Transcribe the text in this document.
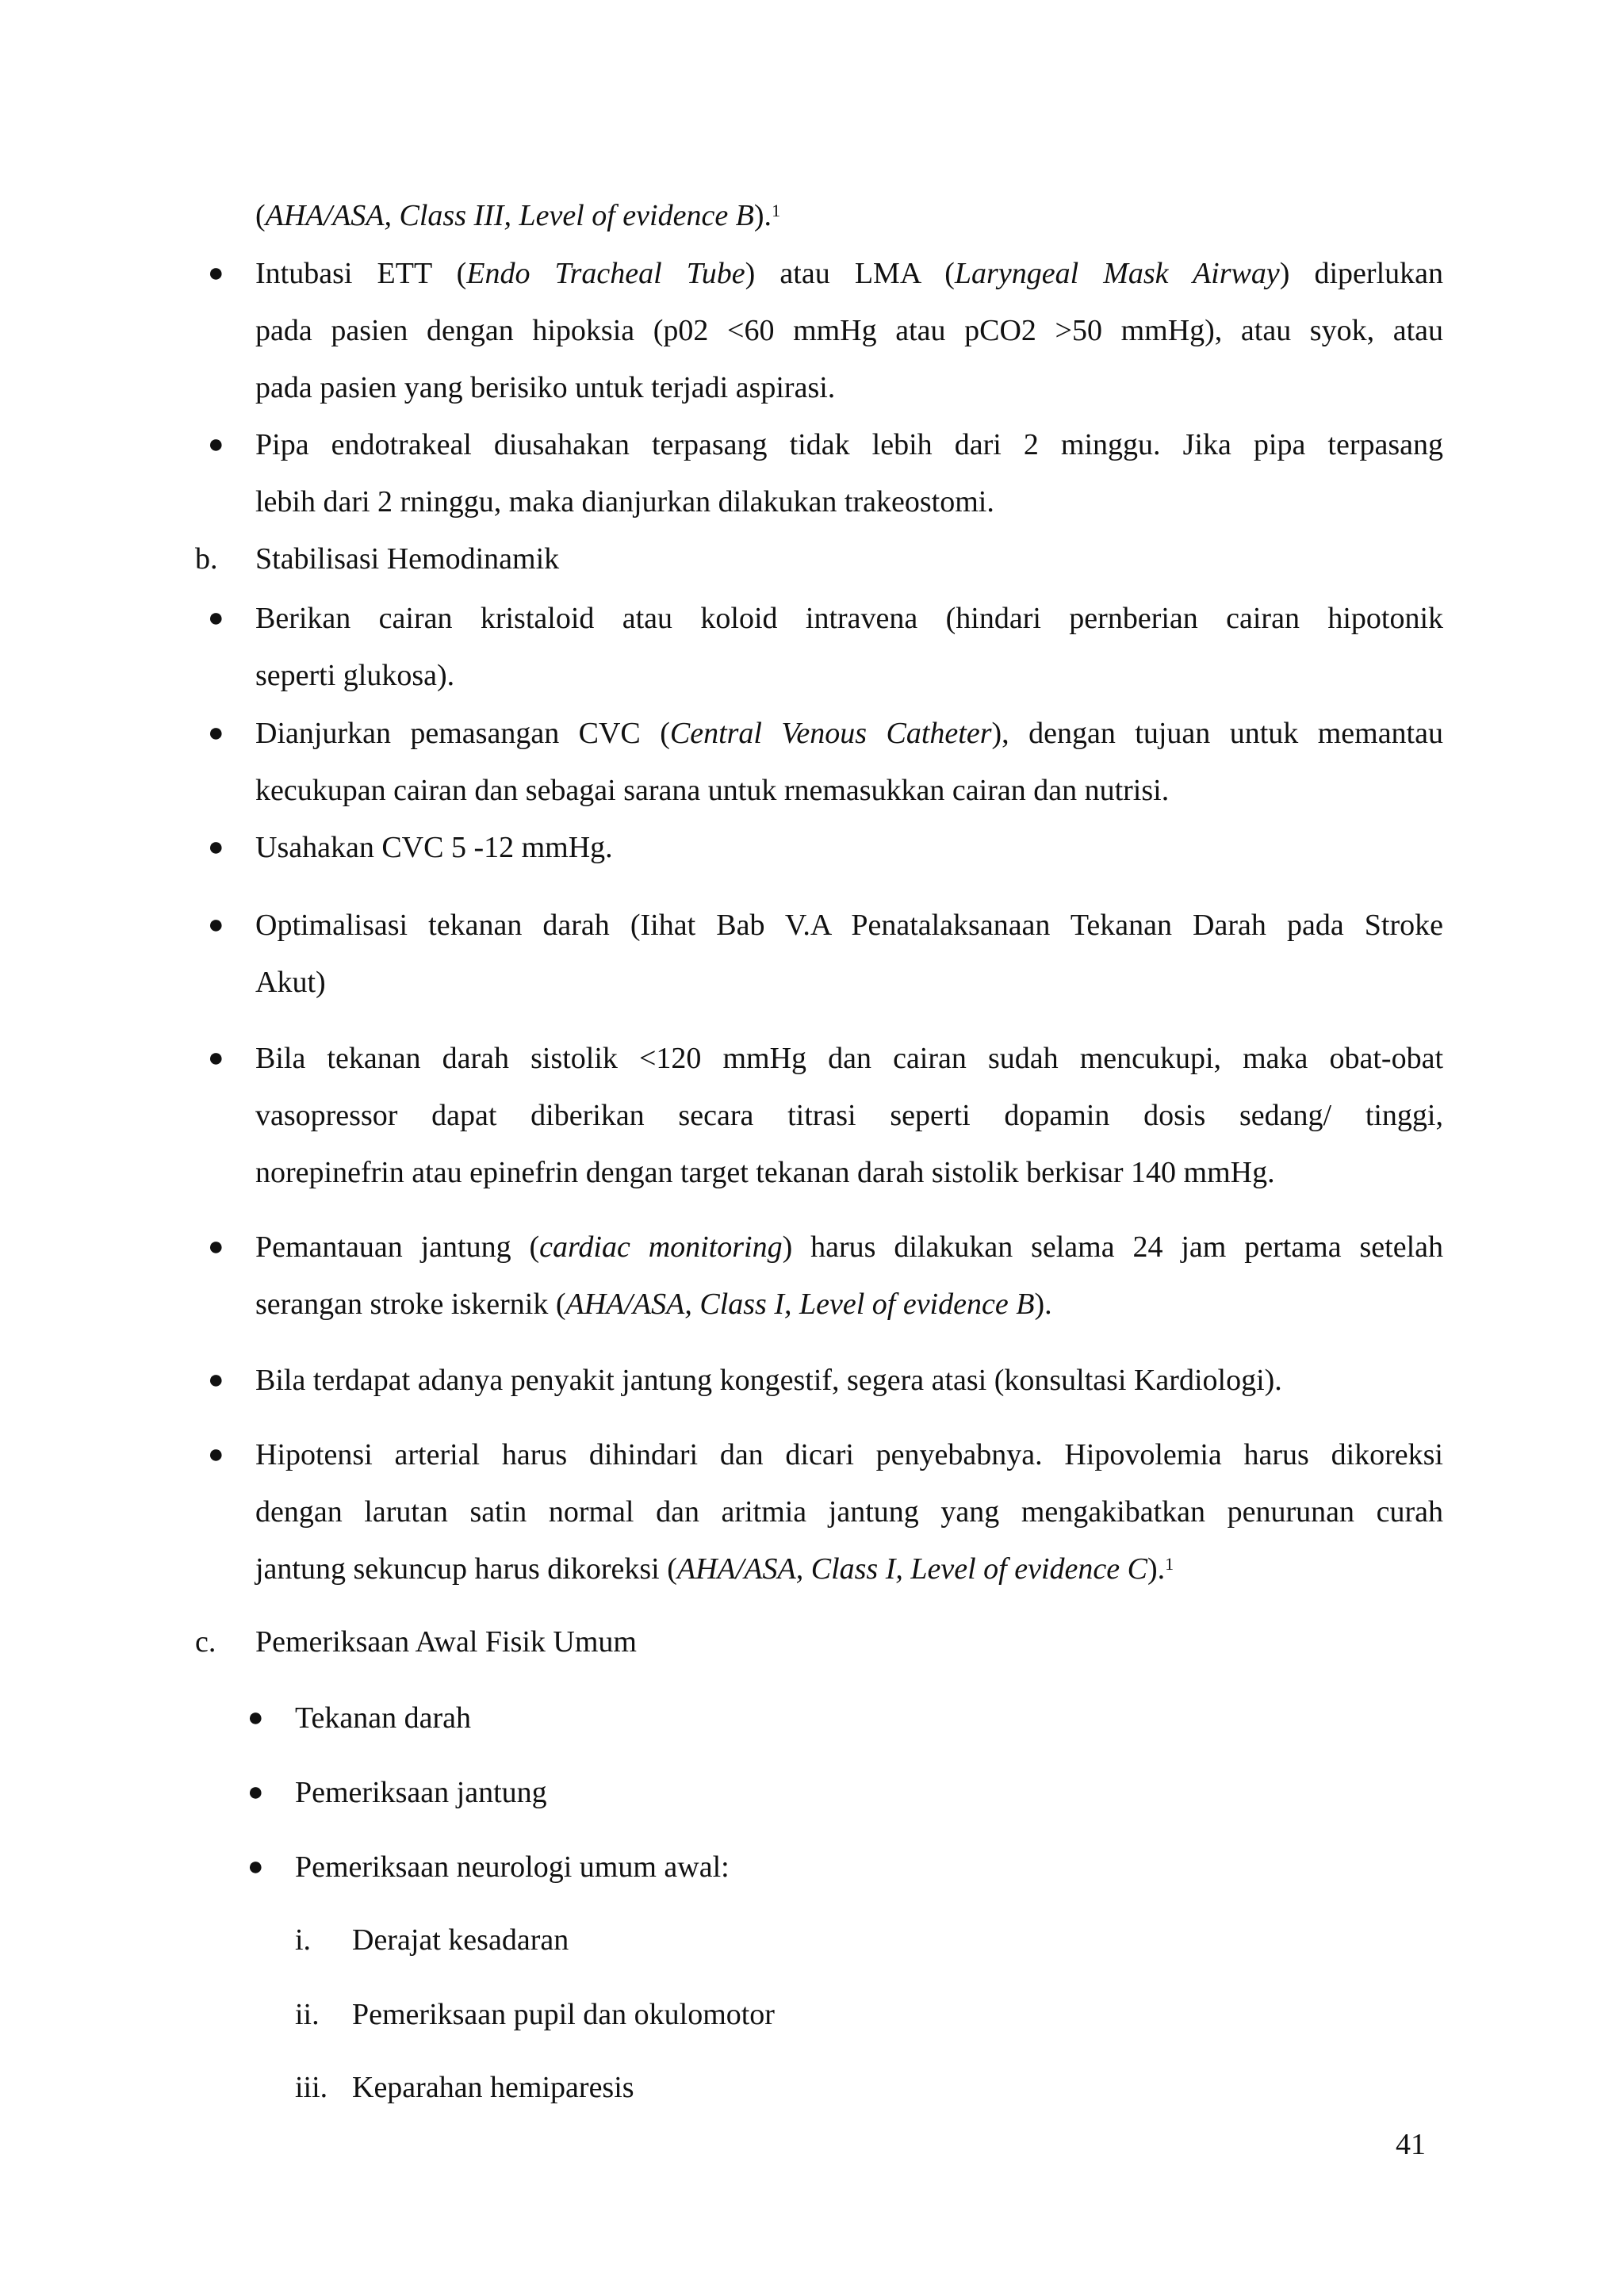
(AHA/ASA, Class III, Level of evidence B).$^1$
● Intubasi ETT (Endo Tracheal Tube) atau LMA (Laryngeal Mask Airway) diperlukan
pada pasien dengan hipoksia (p02 <60 mmHg atau pCO2 >50 mmHg), atau syok, atau
pada pasien yang berisiko untuk terjadi aspirasi.
● Pipa endotrakeal diusahakan terpasang tidak lebih dari 2 minggu. Jika pipa terpasang
lebih dari 2 rninggu, maka dianjurkan dilakukan trakeostomi.
b. Stabilisasi Hemodinamik
● Berikan cairan kristaloid atau koloid intravena (hindari pernberian cairan hipotonik
seperti glukosa).
● Dianjurkan pemasangan CVC (Central Venous Catheter), dengan tujuan untuk memantau
kecukupan cairan dan sebagai sarana untuk rnemasukkan cairan dan nutrisi.
● Usahakan CVC 5 -12 mmHg.
● Optimalisasi tekanan darah (Iihat Bab V.A Penatalaksanaan Tekanan Darah pada Stroke
Akut)
● Bila tekanan darah sistolik <120 mmHg dan cairan sudah mencukupi, maka obat-obat
vasopressor dapat diberikan secara titrasi seperti dopamin dosis sedang/ tinggi,
norepinefrin atau epinefrin dengan target tekanan darah sistolik berkisar 140 mmHg.
● Pemantauan jantung (cardiac monitoring) harus dilakukan selama 24 jam pertama setelah
serangan stroke iskernik (AHA/ASA, Class I, Level of evidence B).
● Bila terdapat adanya penyakit jantung kongestif, segera atasi (konsultasi Kardiologi).
● Hipotensi arterial harus dihindari dan dicari penyebabnya. Hipovolemia harus dikoreksi
dengan larutan satin normal dan aritmia jantung yang mengakibatkan penurunan curah
jantung sekuncup harus dikoreksi (AHA/ASA, Class I, Level of evidence C).$^1$
c. Pemeriksaan Awal Fisik Umum
● Tekanan darah
● Pemeriksaan jantung
● Pemeriksaan neurologi umum awal:
i. Derajat kesadaran
ii. Pemeriksaan pupil dan okulomotor
iii. Keparahan hemiparesis
41
